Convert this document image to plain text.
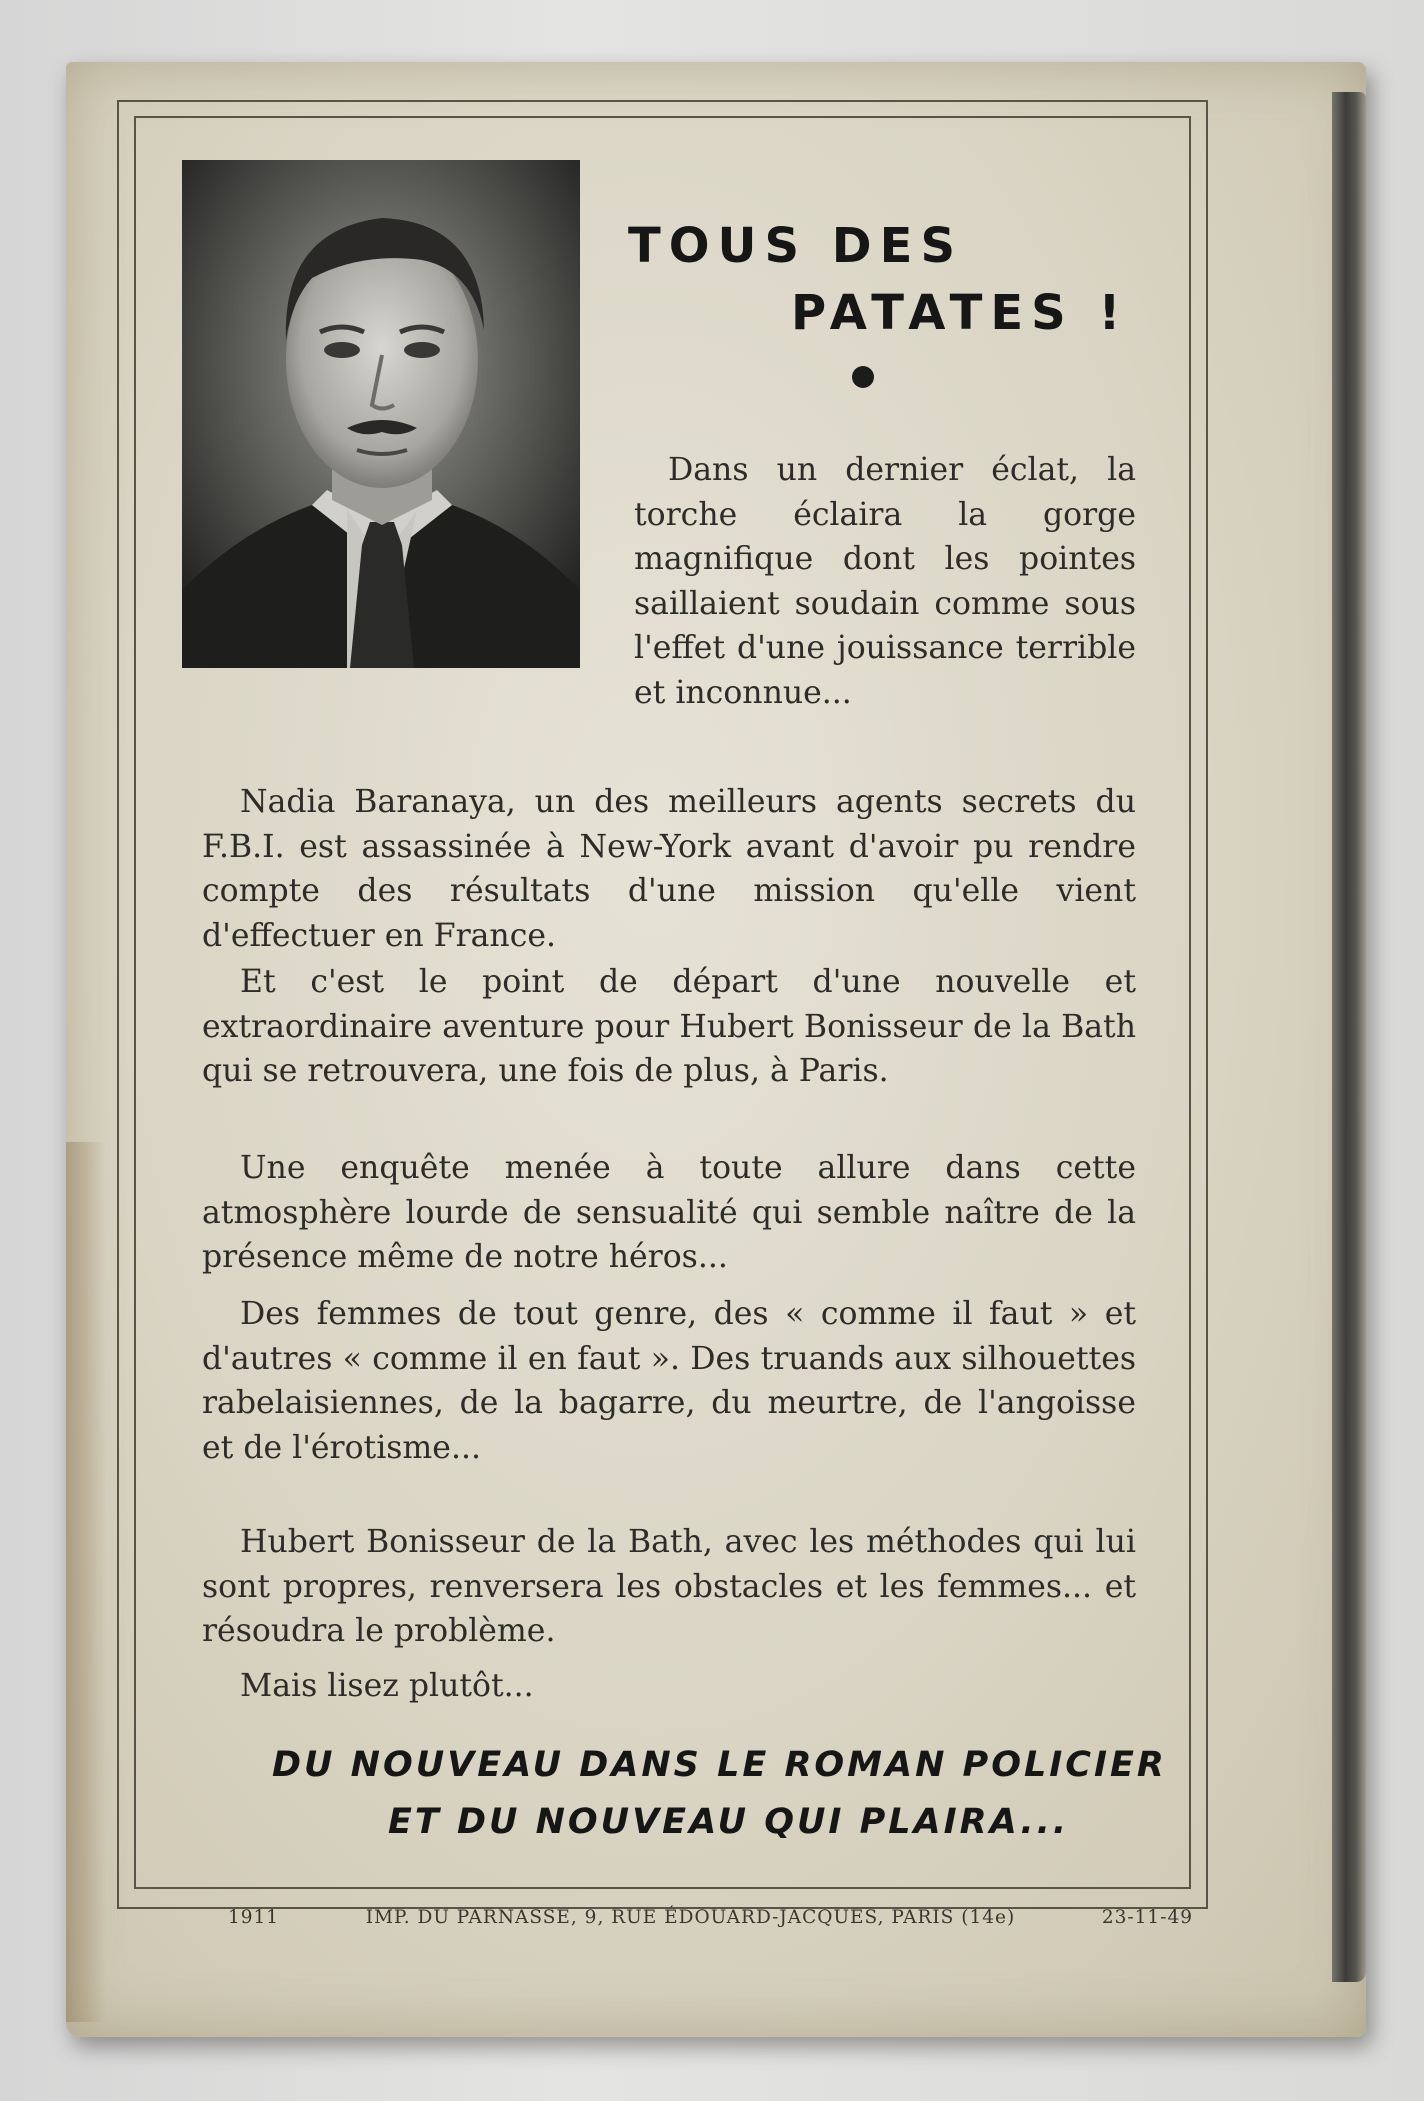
TOUS DES
PATATES !

Dans un dernier éclat, la torche éclaira la gorge magnifique dont les pointes saillaient soudain comme sous l'effet d'une jouissance terrible et inconnue...

Nadia Baranaya, un des meilleurs agents secrets du F.B.I. est assassinée à New-York avant d'avoir pu rendre compte des résultats d'une mission qu'elle vient d'effectuer en France.

Et c'est le point de départ d'une nouvelle et extraordinaire aventure pour Hubert Bonisseur de la Bath qui se retrouvera, une fois de plus, à Paris.

Une enquête menée à toute allure dans cette atmosphère lourde de sensualité qui semble naître de la présence même de notre héros...

Des femmes de tout genre, des « comme il faut » et d'autres « comme il en faut ». Des truands aux silhouettes rabelaisiennes, de la bagarre, du meurtre, de l'angoisse et de l'érotisme...

Hubert Bonisseur de la Bath, avec les méthodes qui lui sont propres, renversera les obstacles et les femmes... et résoudra le problème.

Mais lisez plutôt...

DU NOUVEAU DANS LE ROMAN POLICIER

ET DU NOUVEAU QUI PLAIRA...

1911	IMP. DU PARNASSE, 9, RUE ÉDOUARD-JACQUES, PARIS (14e)	23-11-49
